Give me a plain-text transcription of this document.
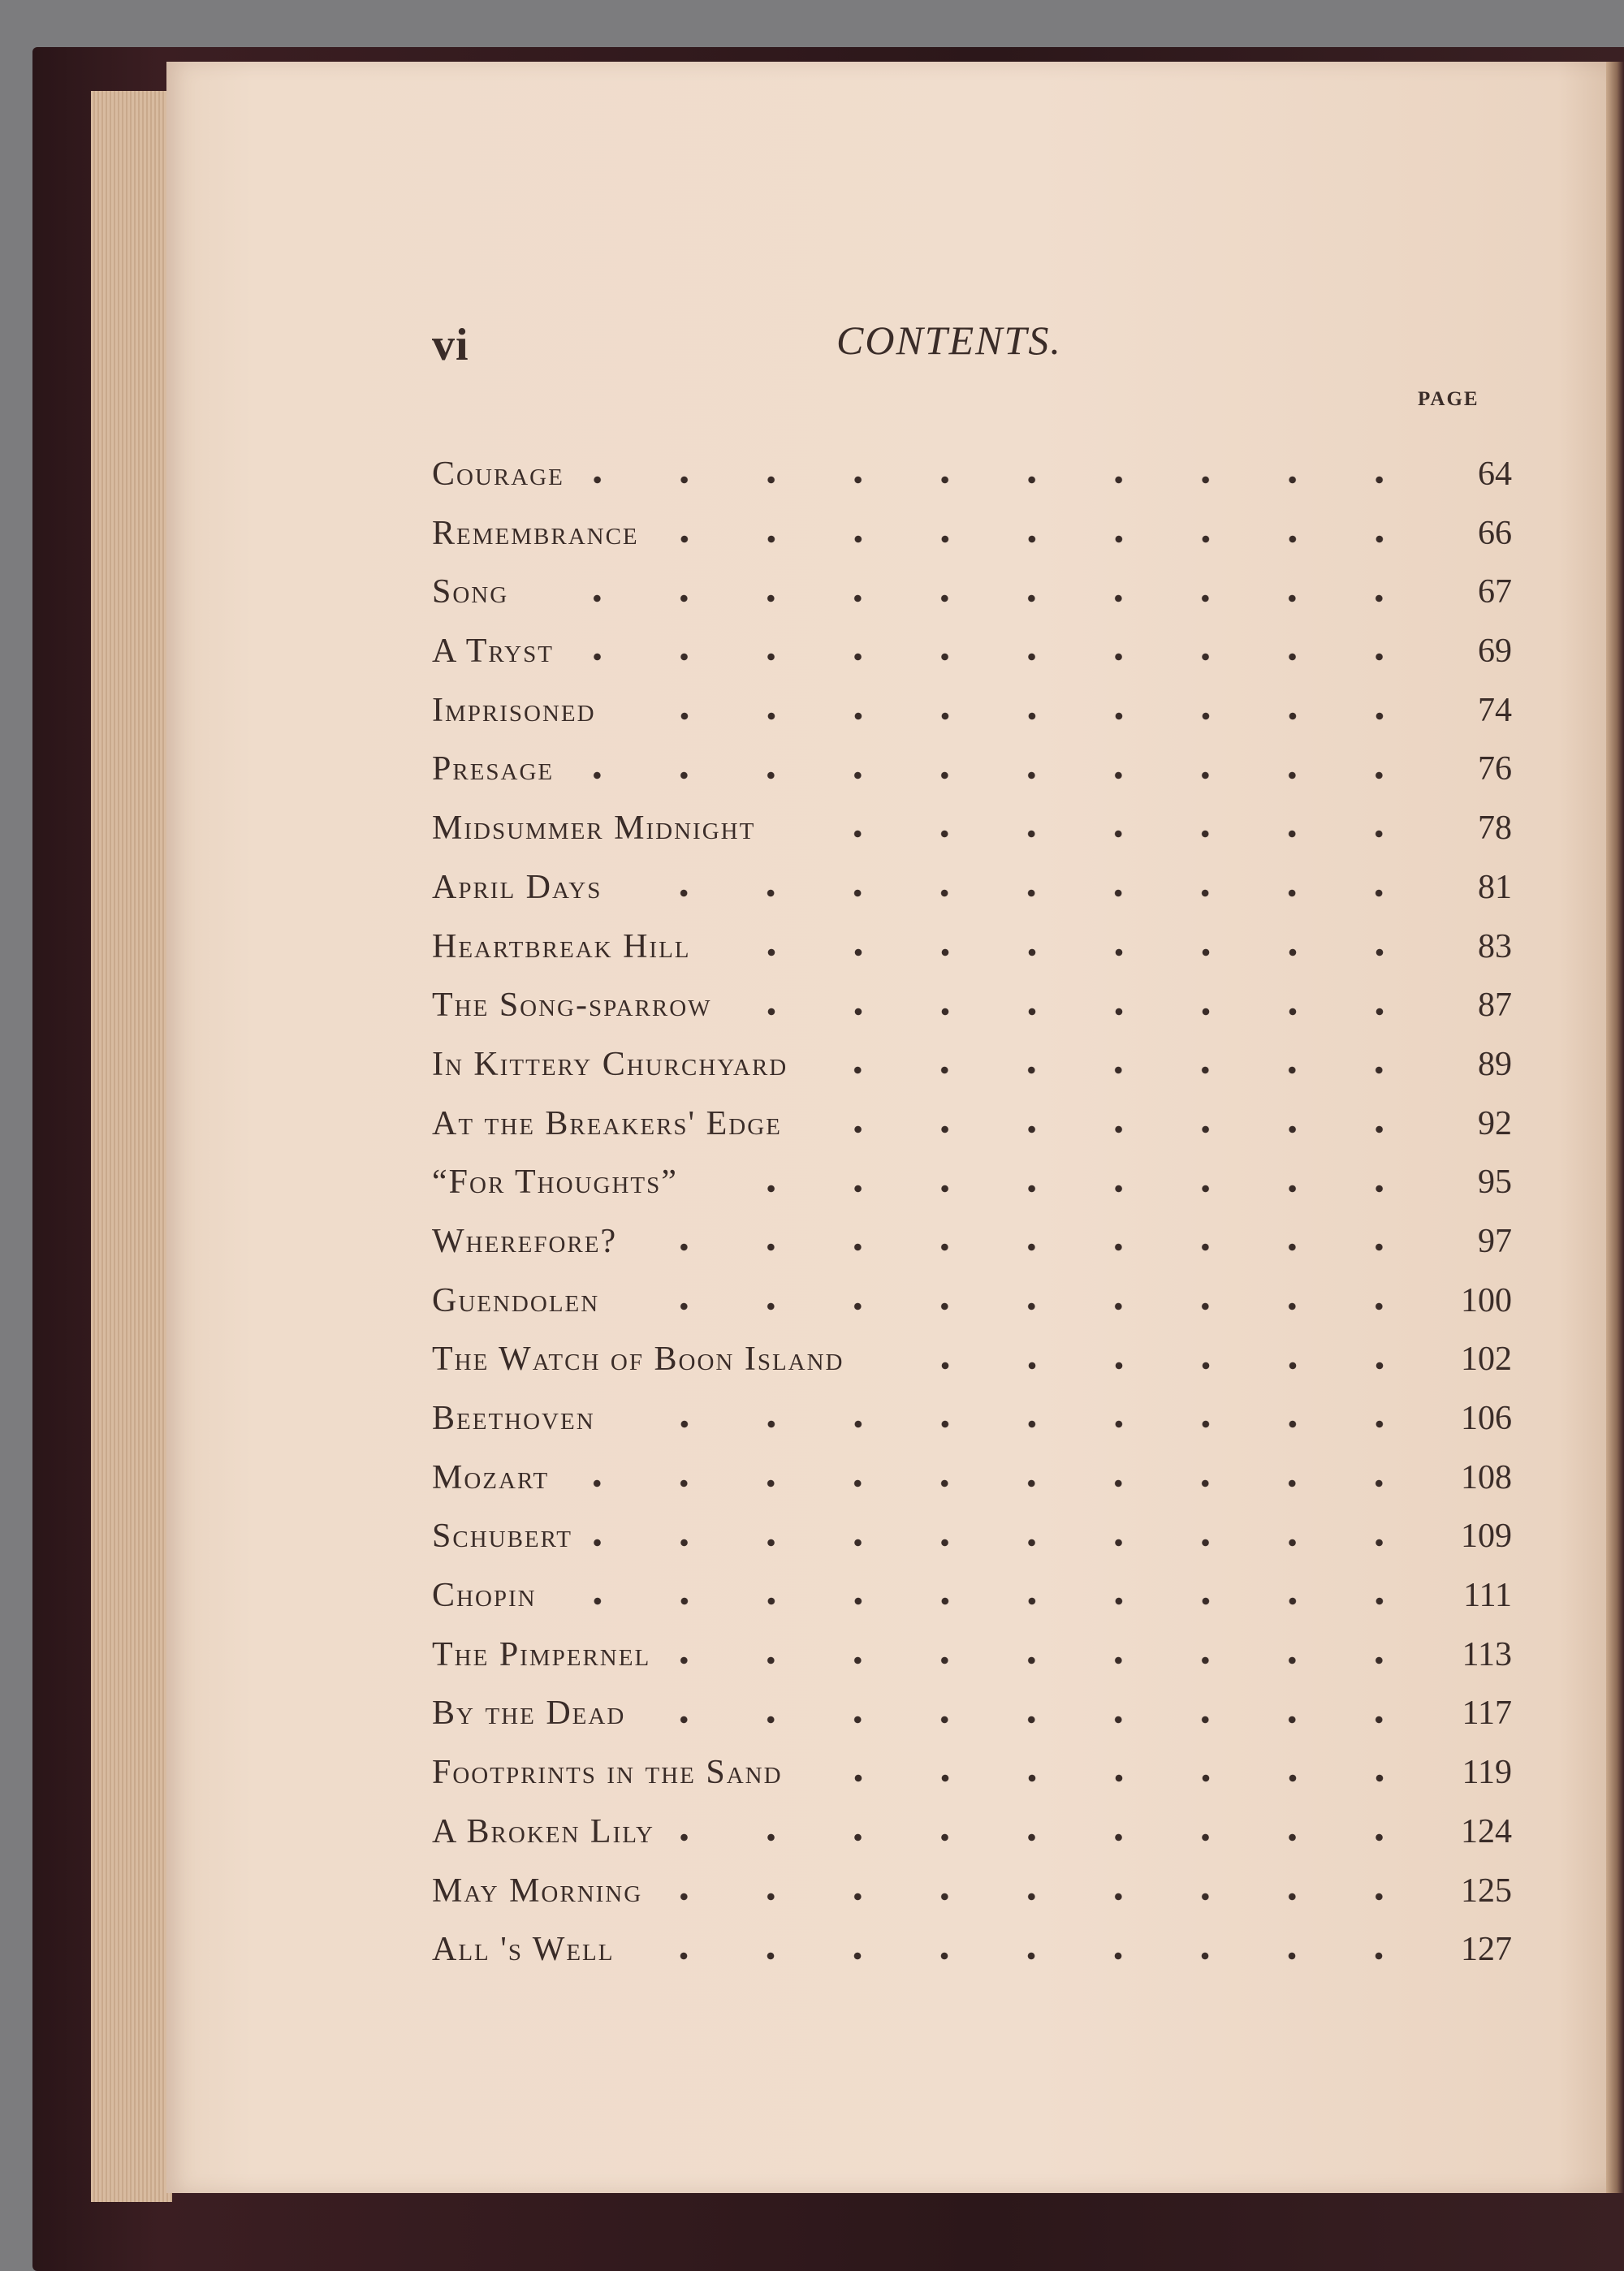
vi	CONTENTS.
PAGE
Courage	64
Remembrance	66
Song	67
A Tryst	69
Imprisoned	74
Presage	76
Midsummer Midnight	78
April Days	81
Heartbreak Hill	83
The Song-sparrow	87
In Kittery Churchyard	89
At the Breakers' Edge	92
“For Thoughts”	95
Wherefore?	97
Guendolen	100
The Watch of Boon Island	102
Beethoven	106
Mozart	108
Schubert	109
Chopin	111
The Pimpernel	113
By the Dead	117
Footprints in the Sand	119
A Broken Lily	124
May Morning	125
All 's Well	127
